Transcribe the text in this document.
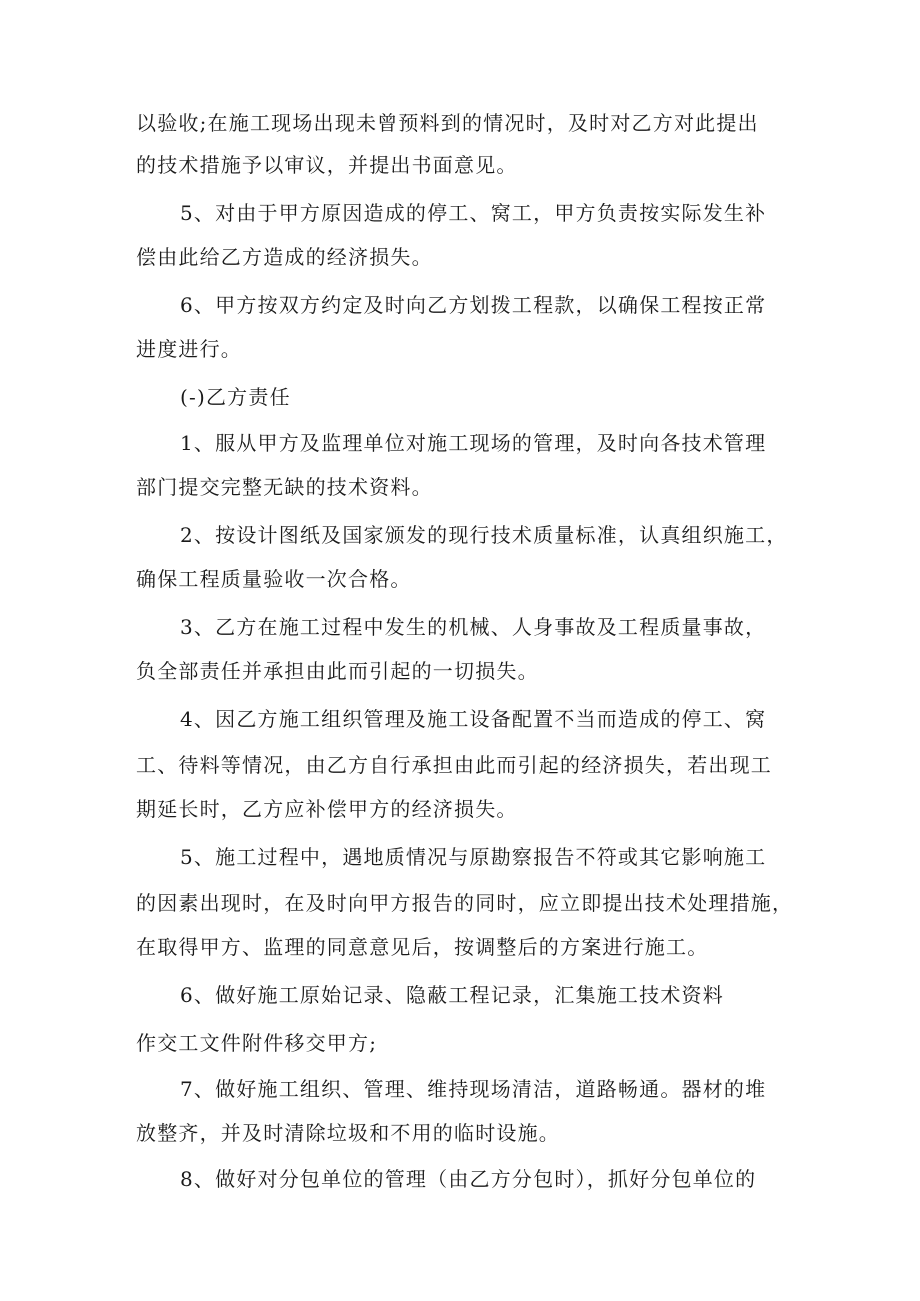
以验收;在施工现场出现未曾预料到的情况时，及时对乙方对此提出
的技术措施予以审议，并提出书面意见。
5、对由于甲方原因造成的停工、窝工，甲方负责按实际发生补
偿由此给乙方造成的经济损失。
6、甲方按双方约定及时向乙方划拨工程款，以确保工程按正常
进度进行。
(-)乙方责任
1、服从甲方及监理单位对施工现场的管理，及时向各技术管理
部门提交完整无缺的技术资料。
2、按设计图纸及国家颁发的现行技术质量标准，认真组织施工，
确保工程质量验收一次合格。
3、乙方在施工过程中发生的机械、人身事故及工程质量事故，
负全部责任并承担由此而引起的一切损失。
4、因乙方施工组织管理及施工设备配置不当而造成的停工、窝
工、待料等情况，由乙方自行承担由此而引起的经济损失，若出现工
期延长时，乙方应补偿甲方的经济损失。
5、施工过程中，遇地质情况与原勘察报告不符或其它影响施工
的因素出现时，在及时向甲方报告的同时，应立即提出技术处理措施，
在取得甲方、监理的同意意见后，按调整后的方案进行施工。
6、做好施工原始记录、隐蔽工程记录，汇集施工技术资料
作交工文件附件移交甲方;
7、做好施工组织、管理、维持现场清洁，道路畅通。器材的堆
放整齐，并及时清除垃圾和不用的临时设施。
8、做好对分包单位的管理（由乙方分包时），抓好分包单位的
